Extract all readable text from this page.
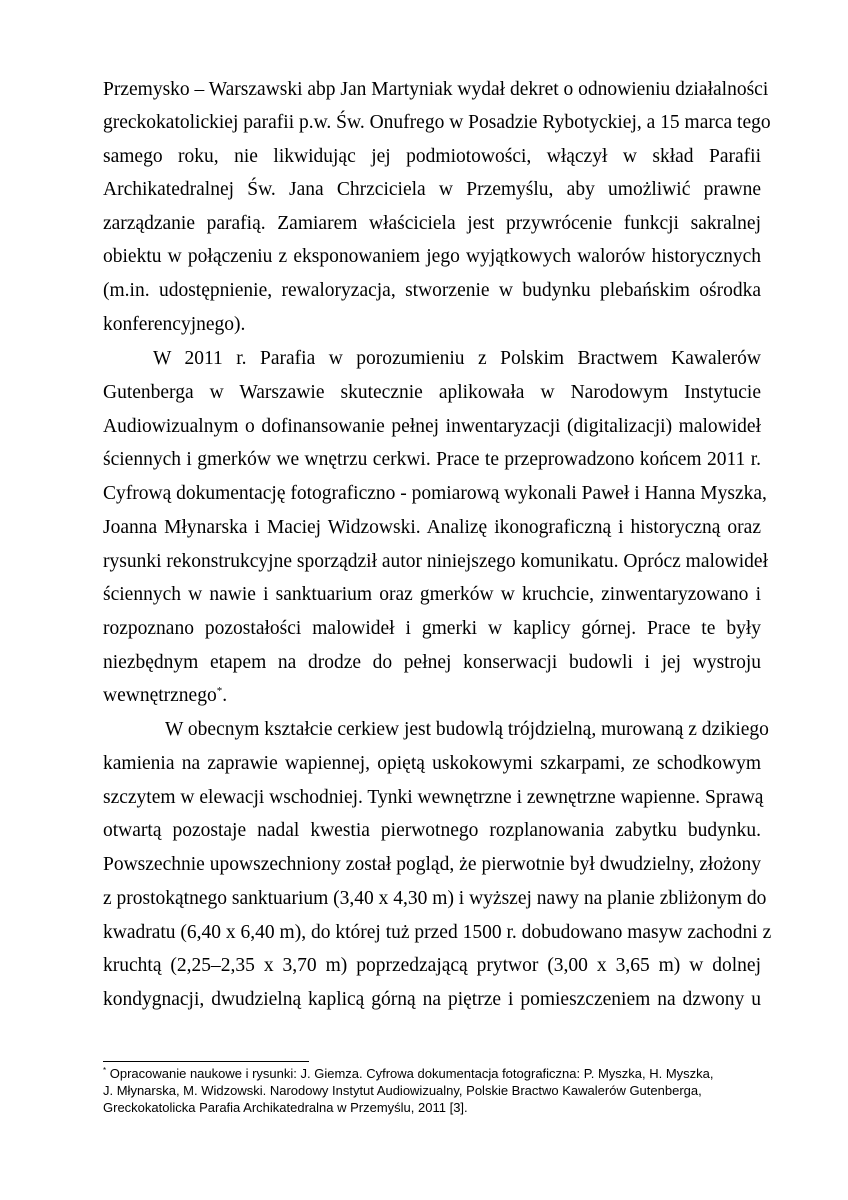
Przemysko – Warszawski abp Jan Martyniak wydał dekret o odnowieniu działalności
greckokatolickiej parafii p.w. Św. Onufrego w Posadzie Rybotyckiej, a 15 marca tego
samego roku, nie likwidując jej podmiotowości, włączył w skład Parafii
Archikatedralnej Św. Jana Chrzciciela w Przemyślu, aby umożliwić prawne
zarządzanie parafią. Zamiarem właściciela jest przywrócenie funkcji sakralnej
obiektu w połączeniu z eksponowaniem jego wyjątkowych walorów historycznych
(m.in. udostępnienie, rewaloryzacja, stworzenie w budynku plebańskim ośrodka
konferencyjnego).
W 2011 r. Parafia w porozumieniu z Polskim Bractwem Kawalerów
Gutenberga w Warszawie skutecznie aplikowała w Narodowym Instytucie
Audiowizualnym o dofinansowanie pełnej inwentaryzacji (digitalizacji) malowideł
ściennych i gmerków we wnętrzu cerkwi. Prace te przeprowadzono końcem 2011 r.
Cyfrową dokumentację fotograficzno - pomiarową wykonali Paweł i Hanna Myszka,
Joanna Młynarska i Maciej Widzowski. Analizę ikonograficzną i historyczną oraz
rysunki rekonstrukcyjne sporządził autor niniejszego komunikatu. Oprócz malowideł
ściennych w nawie i sanktuarium oraz gmerków w kruchcie, zinwentaryzowano i
rozpoznano pozostałości malowideł i gmerki w kaplicy górnej. Prace te były
niezbędnym etapem na drodze do pełnej konserwacji budowli i jej wystroju
wewnętrznego*.
W obecnym kształcie cerkiew jest budowlą trójdzielną, murowaną z dzikiego
kamienia na zaprawie wapiennej, opiętą uskokowymi szkarpami, ze schodkowym
szczytem w elewacji wschodniej. Tynki wewnętrzne i zewnętrzne wapienne. Sprawą
otwartą pozostaje nadal kwestia pierwotnego rozplanowania zabytku budynku.
Powszechnie upowszechniony został pogląd, że pierwotnie był dwudzielny, złożony
z prostokątnego sanktuarium (3,40 x 4,30 m) i wyższej nawy na planie zbliżonym do
kwadratu (6,40 x 6,40 m), do której tuż przed 1500 r. dobudowano masyw zachodni z
kruchtą (2,25–2,35 x 3,70 m) poprzedzającą prytwor (3,00 x 3,65 m) w dolnej
kondygnacji, dwudzielną kaplicą górną na piętrze i pomieszczeniem na dzwony u
* Opracowanie naukowe i rysunki: J. Giemza. Cyfrowa dokumentacja fotograficzna: P. Myszka, H. Myszka,
J. Młynarska, M. Widzowski. Narodowy Instytut Audiowizualny, Polskie Bractwo Kawalerów Gutenberga,
Greckokatolicka Parafia Archikatedralna w Przemyślu, 2011 [3].
